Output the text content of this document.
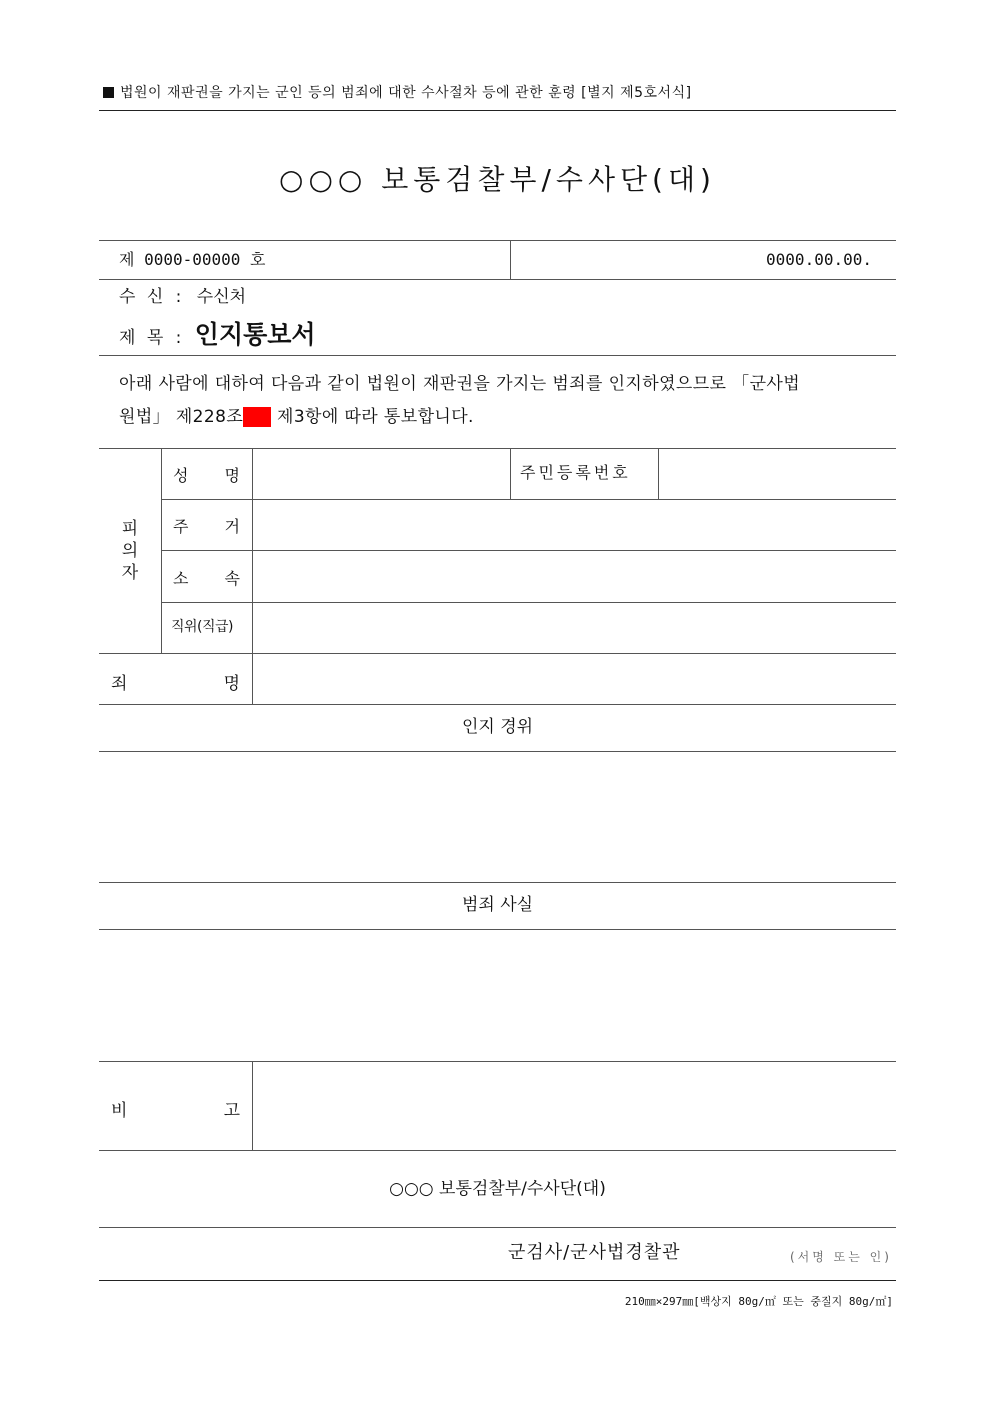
법원이 재판권을 가지는 군인 등의 범죄에 대한 수사절차 등에 관한 훈령 [별지 제5호서식]
○○○ 보통검찰부/수사단(대)
제 0000-00000 호	0000.00.00.
수 신 : 수신처
제 목 : 인지통보서
아래 사람에 대하여 다음과 같이 법원이 재판권을 가지는 범죄를 인지하였으므로 「군사법
원법」 제228조의2 제3항에 따라 통보합니다.
피
의
자
성 명	주민등록번호
주 거
소 속
직위(직급)
죄	명
인지 경위
범죄 사실
비	고
○○○ 보통검찰부/수사단(대)
군검사/군사법경찰관	(서명 또는 인)
210㎜×297㎜[백상지 80g/㎡ 또는 중질지 80g/㎡]
